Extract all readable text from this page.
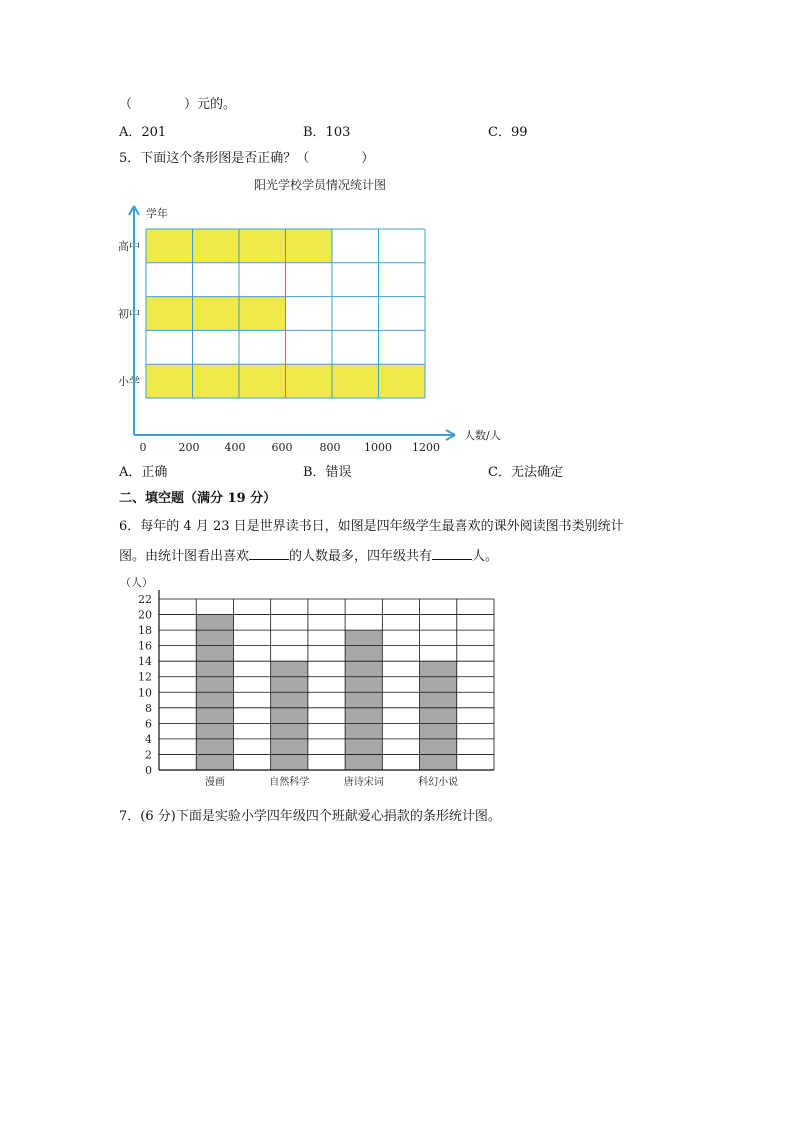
（　　　　）元的。
A．201	B．103	C．99
5．下面这个条形图是否正确？（　　　　）
阳光学校学员情况统计图
高中
初中
小学
学年
人数/人
0	200 400 600 800 1000 1200
A．正确	B．错误	C．无法确定
二、填空题（满分 19 分）
6．每年的 4 月 23 日是世界读书日，如图是四年级学生最喜欢的课外阅读图书类别统计
图。由统计图看出喜欢	的人数最多，四年级共有	人。
（人）
漫画	自然科学	唐诗宋词	科幻小说
0
2
4
6
8
10
12
14
16
18
20
22
7．(6 分)下面是实验小学四年级四个班献爱心捐款的条形统计图。
